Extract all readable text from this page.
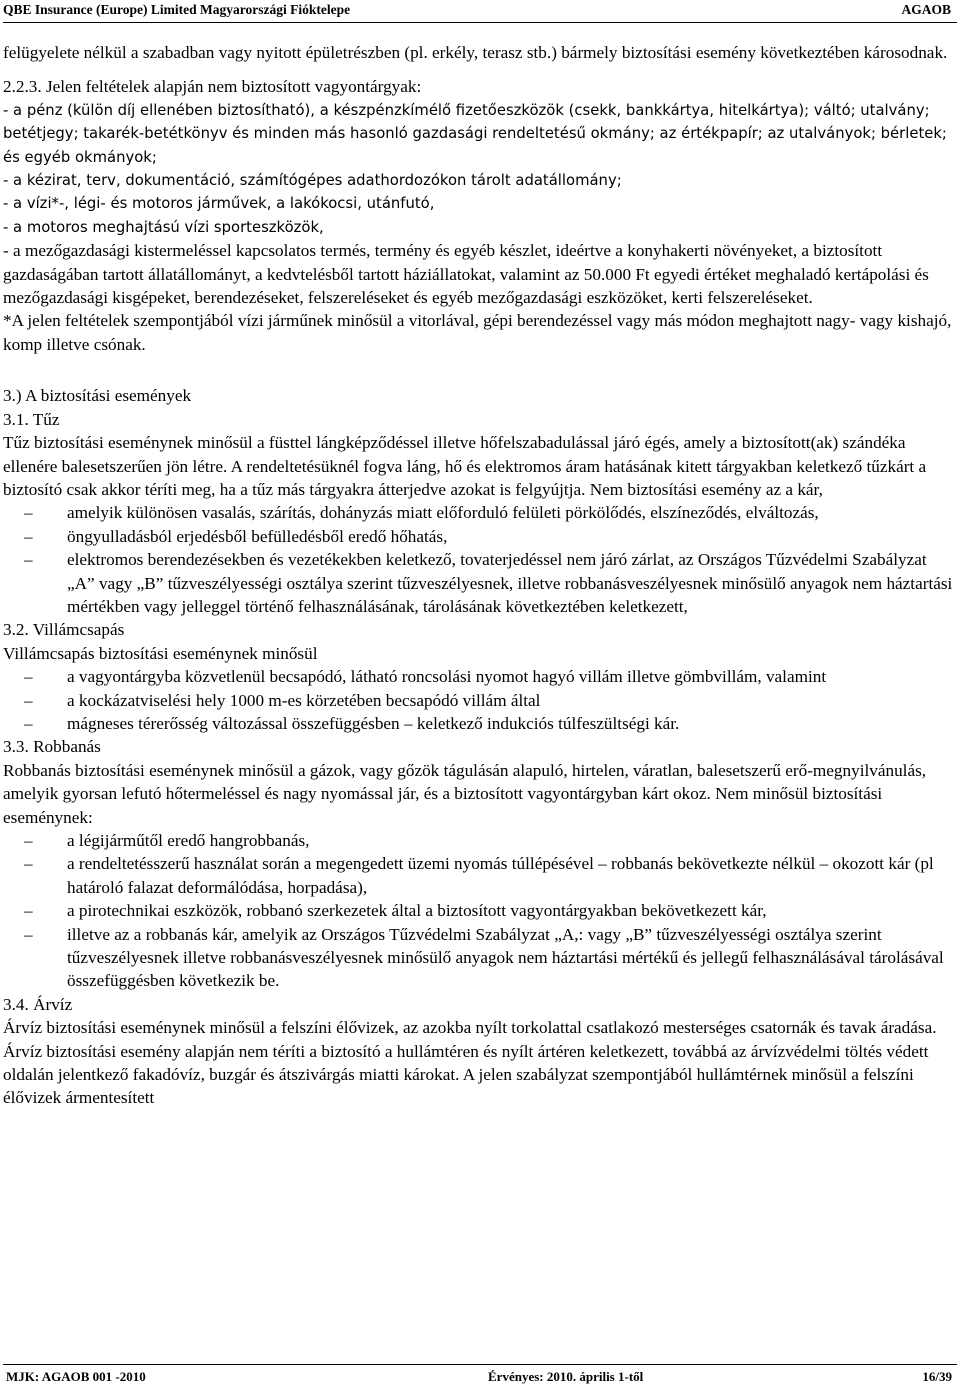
QBE Insurance (Europe) Limited Magyarországi Fióktelepe	AGAOB

felügyelete nélkül a szabadban vagy nyitott épületrészben (pl. erkély, terasz stb.) bármely biztosítási esemény következtében károsodnak.

2.2.3. Jelen feltételek alapján nem biztosított vagyontárgyak:

- a pénz (külön díj ellenében biztosítható), a készpénzkímélő fizetőeszközök (csekk, bankkártya, hitelkártya); váltó; utalvány; betétjegy; takarék-betétkönyv és minden más hasonló gazdasági rendeltetésű okmány; az értékpapír; az utalványok; bérletek; és egyéb okmányok;

- a kézirat, terv, dokumentáció, számítógépes adathordozókon tárolt adatállomány;

- a vízi*-, légi- és motoros járművek, a lakókocsi, utánfutó,

- a motoros meghajtású vízi sporteszközök,

- a mezőgazdasági kistermeléssel kapcsolatos termés, termény és egyéb készlet, ideértve a konyhakerti növényeket, a biztosított gazdaságában tartott állatállományt, a kedvtelésből tartott háziállatokat, valamint az 50.000 Ft egyedi értéket meghaladó kertápolási és mezőgazdasági kisgépeket, berendezéseket, felszereléseket és egyéb mezőgazdasági eszközöket, kerti felszereléseket.

*A jelen feltételek szempontjából vízi járműnek minősül a vitorlával, gépi berendezéssel vagy más módon meghajtott nagy- vagy kishajó, komp illetve csónak.

3.) A biztosítási események

3.1. Tűz

Tűz biztosítási eseménynek minősül a füsttel lángképződéssel illetve hőfelszabadulással járó égés, amely a biztosított(ak) szándéka ellenére balesetszerűen jön létre. A rendeltetésüknél fogva láng, hő és elektromos áram hatásának kitett tárgyakban keletkező tűzkárt a biztosító csak akkor téríti meg, ha a tűz más tárgyakra átterjedve azokat is felgyújtja. Nem biztosítási esemény az a kár,

– amelyik különösen vasalás, szárítás, dohányzás miatt előforduló felületi pörkölődés, elszíneződés, elváltozás,
– öngyulladásból erjedésből befülledésből eredő hőhatás,
– elektromos berendezésekben és vezetékekben keletkező, tovaterjedéssel nem járó zárlat, az Országos Tűzvédelmi Szabályzat „A” vagy „B” tűzveszélyességi osztálya szerint tűzveszélyesnek, illetve robbanásveszélyesnek minősülő anyagok nem háztartási mértékben vagy jelleggel történő felhasználásának, tárolásának következtében keletkezett,

3.2. Villámcsapás

Villámcsapás biztosítási eseménynek minősül

– a vagyontárgyba közvetlenül becsapódó, látható roncsolási nyomot hagyó villám illetve gömbvillám, valamint
– a kockázatviselési hely 1000 m-es körzetében becsapódó villám által
– mágneses térerősség változással összefüggésben – keletkező indukciós túlfeszültségi kár.

3.3. Robbanás

Robbanás biztosítási eseménynek minősül a gázok, vagy gőzök tágulásán alapuló, hirtelen, váratlan, balesetszerű erő-megnyilvánulás, amelyik gyorsan lefutó hőtermeléssel és nagy nyomással jár, és a biztosított vagyontárgyban kárt okoz. Nem minősül biztosítási eseménynek:

– a légijárműtől eredő hangrobbanás,
– a rendeltetésszerű használat során a megengedett üzemi nyomás túllépésével – robbanás bekövetkezte nélkül – okozott kár (pl határoló falazat deformálódása, horpadása),
– a pirotechnikai eszközök, robbanó szerkezetek által a biztosított vagyontárgyakban bekövetkezett kár,
– illetve az a robbanás kár, amelyik az Országos Tűzvédelmi Szabályzat „A,: vagy „B” tűzveszélyességi osztálya szerint tűzveszélyesnek illetve robbanásveszélyesnek minősülő anyagok nem háztartási mértékű és jellegű felhasználásával tárolásával összefüggésben következik be.

3.4. Árvíz

Árvíz biztosítási eseménynek minősül a felszíni élővizek, az azokba nyílt torkolattal csatlakozó mesterséges csatornák és tavak áradása. Árvíz biztosítási esemény alapján nem téríti a biztosító a hullámtéren és nyílt ártéren keletkezett, továbbá az árvízvédelmi töltés védett oldalán jelentkező fakadóvíz, buzgár és átszivárgás miatti károkat. A jelen szabályzat szempontjából hullámtérnek minősül a felszíni élővizek ármentesített

MJK: AGAOB 001 -2010	Érvényes: 2010. április 1-től	16/39
